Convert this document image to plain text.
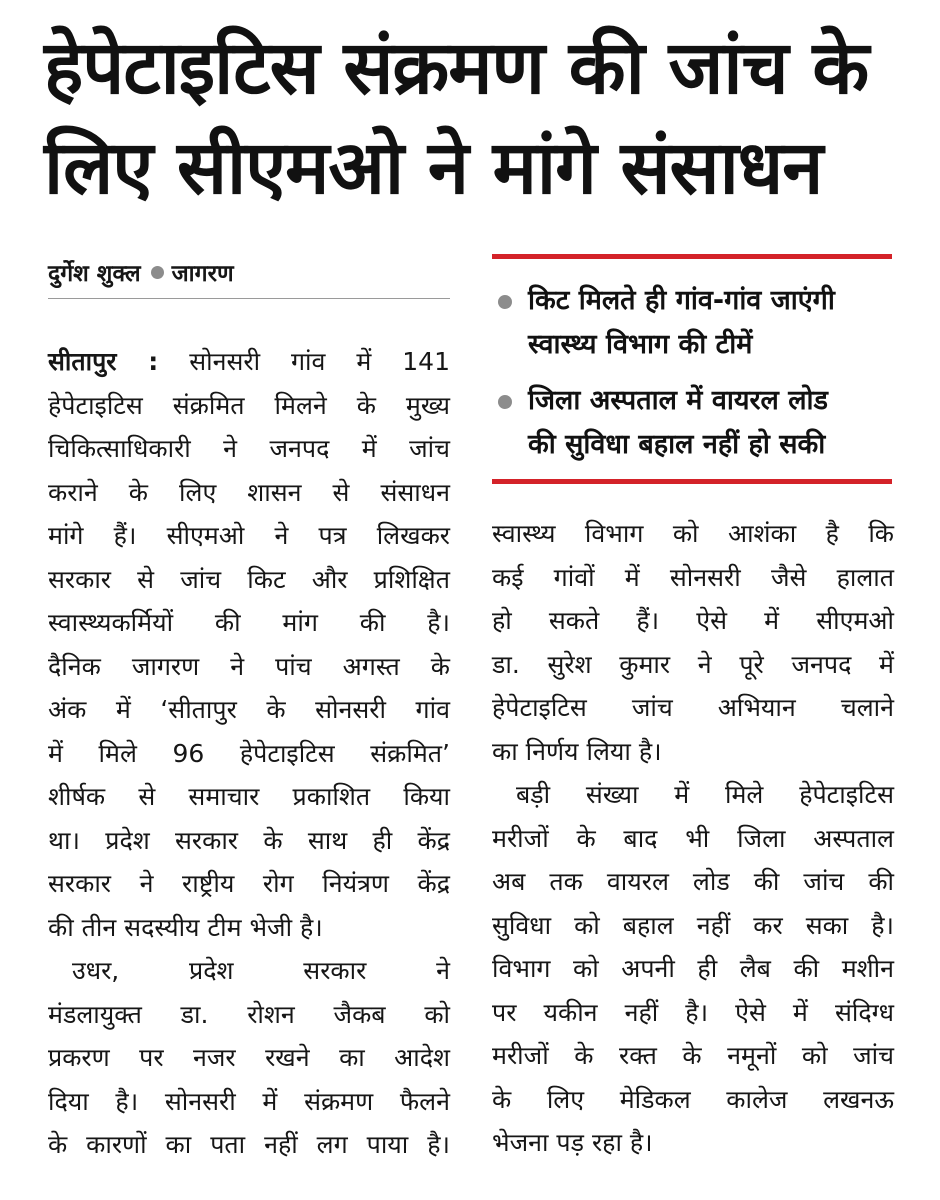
हेपेटाइटिस संक्रमण की जांच के
लिए सीएमओ ने मांगे संसाधन
दुर्गेश शुक्ल जागरण
किट मिलते ही गांव-गांव जाएंगी
स्वास्थ्य विभाग की टीमें
जिला अस्पताल में वायरल लोड
की सुविधा बहाल नहीं हो सकी
सीतापुर : सोनसरी गांव में 141
हेपेटाइटिस संक्रमित मिलने के मुख्य
चिकित्साधिकारी ने जनपद में जांच
कराने के लिए शासन से संसाधन
मांगे हैं। सीएमओ ने पत्र लिखकर
सरकार से जांच किट और प्रशिक्षित
स्वास्थ्यकर्मियों की मांग की है।
दैनिक जागरण ने पांच अगस्त के
अंक में ‘सीतापुर के सोनसरी गांव
में मिले 96 हेपेटाइटिस संक्रमित’
शीर्षक से समाचार प्रकाशित किया
था। प्रदेश सरकार के साथ ही केंद्र
सरकार ने राष्ट्रीय रोग नियंत्रण केंद्र
की तीन सदस्यीय टीम भेजी है।
उधर, प्रदेश सरकार ने
मंडलायुक्त डा. रोशन जैकब को
प्रकरण पर नजर रखने का आदेश
दिया है। सोनसरी में संक्रमण फैलने
के कारणों का पता नहीं लग पाया है।
स्वास्थ्य विभाग को आशंका है कि
कई गांवों में सोनसरी जैसे हालात
हो सकते हैं। ऐसे में सीएमओ
डा. सुरेश कुमार ने पूरे जनपद में
हेपेटाइटिस जांच अभियान चलाने
का निर्णय लिया है।
बड़ी संख्या में मिले हेपेटाइटिस
मरीजों के बाद भी जिला अस्पताल
अब तक वायरल लोड की जांच की
सुविधा को बहाल नहीं कर सका है।
विभाग को अपनी ही लैब की मशीन
पर यकीन नहीं है। ऐसे में संदिग्ध
मरीजों के रक्त के नमूनों को जांच
के लिए मेडिकल कालेज लखनऊ
भेजना पड़ रहा है।
